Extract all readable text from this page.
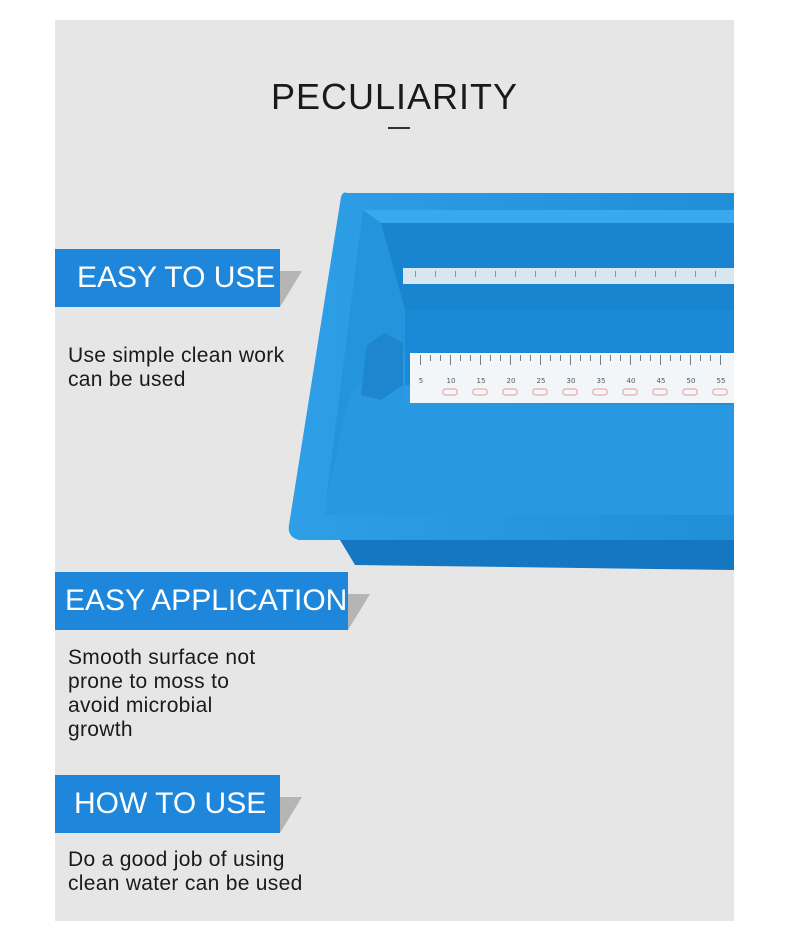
PECULIARITY
5	10	15	20	25	30	35	40	45	50	55
EASY TO USE

Use simple clean work
can be used

EASY APPLICATION

Smooth surface not
prone to moss to
avoid microbial
growth

HOW TO USE

Do a good job of using
clean water can be used
